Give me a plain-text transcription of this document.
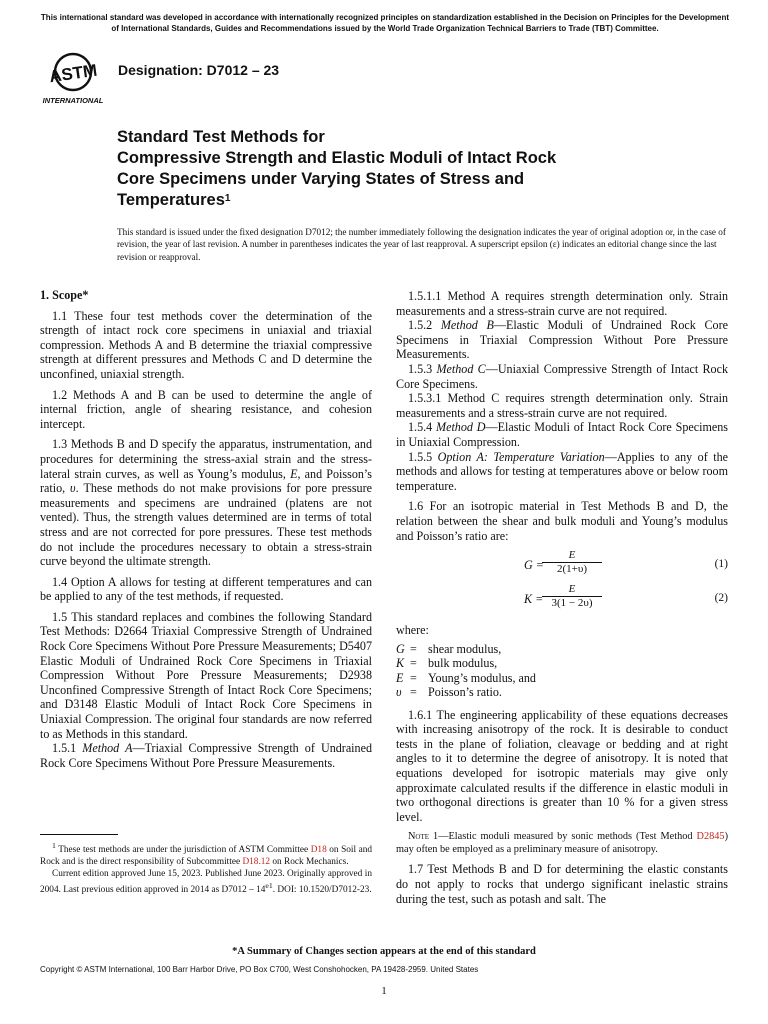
This international standard was developed in accordance with internationally recognized principles on standardization established in the Decision on Principles for the Development of International Standards, Guides and Recommendations issued by the World Trade Organization Technical Barriers to Trade (TBT) Committee.
ASTM
INTERNATIONAL
Designation: D7012 – 23
Standard Test Methods for
Compressive Strength and Elastic Moduli of Intact Rock
Core Specimens under Varying States of Stress and
Temperatures$^1$
This standard is issued under the fixed designation D7012; the number immediately following the designation indicates the year of original adoption or, in the case of revision, the year of last revision. A number in parentheses indicates the year of last reapproval. A superscript epsilon (ε) indicates an editorial change since the last revision or reapproval.
1. Scope*

1.1 These four test methods cover the determination of the strength of intact rock core specimens in uniaxial and triaxial compression. Methods A and B determine the triaxial compressive strength at different pressures and Methods C and D determine the unconfined, uniaxial strength.

1.2 Methods A and B can be used to determine the angle of internal friction, angle of shearing resistance, and cohesion intercept.

1.3 Methods B and D specify the apparatus, instrumentation, and procedures for determining the stress-axial strain and the stress-lateral strain curves, as well as Young’s modulus, E, and Poisson’s ratio, υ. These methods do not make provisions for pore pressure measurements and specimens are undrained (platens are not vented). Thus, the strength values determined are in terms of total stress and are not corrected for pore pressures. These test methods do not include the procedures necessary to obtain a stress-strain curve beyond the ultimate strength.

1.4 Option A allows for testing at different temperatures and can be applied to any of the test methods, if requested.

1.5 This standard replaces and combines the following Standard Test Methods: D2664 Triaxial Compressive Strength of Undrained Rock Core Specimens Without Pore Pressure Measurements; D5407 Elastic Moduli of Undrained Rock Core Specimens in Triaxial Compression Without Pore Pressure Measurements; D2938 Unconfined Compressive Strength of Intact Rock Core Specimens; and D3148 Elastic Moduli of Intact Rock Core Specimens in Uniaxial Compression. The original four standards are now referred to as Methods in this standard.

1.5.1 Method A—Triaxial Compressive Strength of Undrained Rock Core Specimens Without Pore Pressure Measurements.

1.5.1.1 Method A requires strength determination only. Strain measurements and a stress-strain curve are not required.

1.5.2 Method B—Elastic Moduli of Undrained Rock Core Specimens in Triaxial Compression Without Pore Pressure Measurements.

1.5.3 Method C—Uniaxial Compressive Strength of Intact Rock Core Specimens.

1.5.3.1 Method C requires strength determination only. Strain measurements and a stress-strain curve are not required.

1.5.4 Method D—Elastic Moduli of Intact Rock Core Specimens in Uniaxial Compression.

1.5.5 Option A: Temperature Variation—Applies to any of the methods and allows for testing at temperatures above or below room temperature.

1.6 For an isotropic material in Test Methods B and D, the relation between the shear and bulk moduli and Young’s modulus and Poisson’s ratio are:

G =
$\frac{E}{2(1+\upsilon)}$	(1)
K =
$\frac{E}{3(1 - 2\upsilon)}$	(2)
where:
G = shear modulus,
K = bulk modulus,
E = Young’s modulus, and
υ = Poisson’s ratio.

1.6.1 The engineering applicability of these equations decreases with increasing anisotropy of the rock. It is desirable to conduct tests in the plane of foliation, cleavage or bedding and at right angles to it to determine the degree of anisotropy. It is noted that equations developed for isotropic materials may give only approximate calculated results if the difference in elastic moduli in two orthogonal directions is greater than 10 % for a given stress level.

Note 1—Elastic moduli measured by sonic methods (Test Method D2845) may often be employed as a preliminary measure of anisotropy.

1.7 Test Methods B and D for determining the elastic constants do not apply to rocks that undergo significant inelastic strains during the test, such as potash and salt. The

$^1$ These test methods are under the jurisdiction of ASTM Committee D18 on Soil and Rock and is the direct responsibility of Subcommittee D18.12 on Rock Mechanics.

Current edition approved June 15, 2023. Published June 2023. Originally approved in 2004. Last previous edition approved in 2014 as $D7012 - 14^{e1}$. DOI: 10.1520/D7012-23.

*A Summary of Changes section appears at the end of this standard
Copyright © ASTM International, 100 Barr Harbor Drive, PO Box C700, West Conshohocken, PA 19428-2959. United States
1
